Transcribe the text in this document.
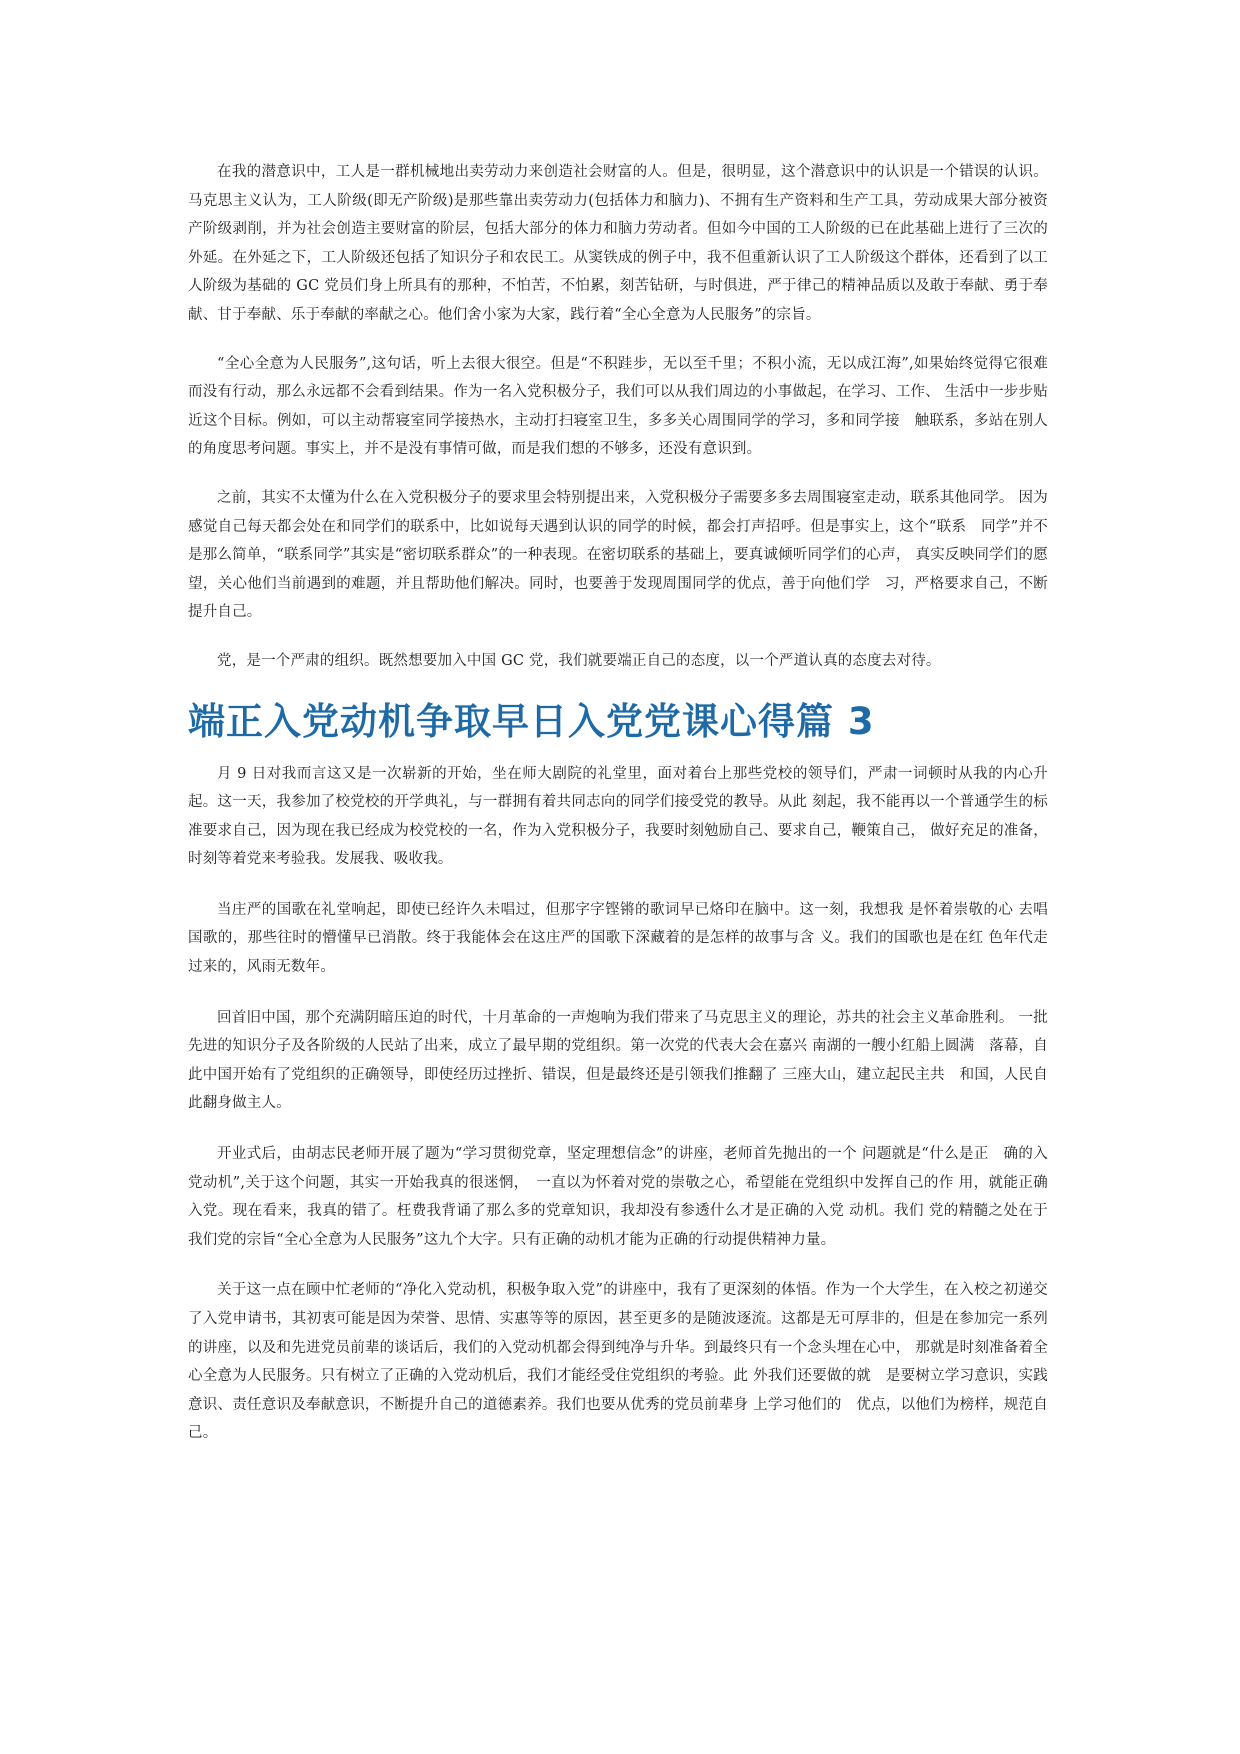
在我的潜意识中，工人是一群机械地出卖劳动力来创造社会财富的人。但是，很明显，这个潜意识中的认识是一个错误的认识。马克思主义认为，工人阶级(即无产阶级)是那些靠出卖劳动力(包括体力和脑力)、不拥有生产资料和生产工具，劳动成果大部分被资产阶级剥削，并为社会创造主要财富的阶层，包括大部分的体力和脑力劳动者。但如今中国的工人阶级的已在此基础上进行了三次的外延。在外延之下，工人阶级还包括了知识分子和农民工。从窦铁成的例子中，我不但重新认识了工人阶级这个群体，还看到了以工人阶级为基础的 GC 党员们身上所具有的那种，不怕苦，不怕累，刻苦钻研，与时俱进，严于律己的精神品质以及敢于奉献、勇于奉献、甘于奉献、乐于奉献的率献之心。他们舍小家为大家，践行着“全心全意为人民服务”的宗旨。

“全心全意为人民服务”,这句话，听上去很大很空。但是“不积跬步，无以至千里；不积小流，无以成江海”,如果始终觉得它很难而没有行动，那么永远都不会看到结果。作为一名入党积极分子，我们可以从我们周边的小事做起，在学习、工作、 生活中一步步贴近这个目标。例如，可以主动帮寝室同学接热水，主动打扫寝室卫生，多多关心周围同学的学习，多和同学接　触联系，多站在别人的角度思考问题。事实上，并不是没有事情可做，而是我们想的不够多，还没有意识到。

之前，其实不太懂为什么在入党积极分子的要求里会特别提出来，入党积极分子需要多多去周围寝室走动，联系其他同学。 因为感觉自己每天都会处在和同学们的联系中，比如说每天遇到认识的同学的时候，都会打声招呼。但是事实上，这个“联系　同学”并不是那么简单，“联系同学”其实是“密切联系群众”的一种表现。在密切联系的基础上，要真诚倾听同学们的心声， 真实反映同学们的愿望，关心他们当前遇到的难题，并且帮助他们解决。同时，也要善于发现周围同学的优点，善于向他们学　习，严格要求自己，不断提升自己。

党，是一个严肃的组织。既然想要加入中国 GC 党，我们就要端正自己的态度，以一个严道认真的态度去对待。

端正入党动机争取早日入党党课心得篇 3

月 9 日对我而言这又是一次崭新的开始，坐在师大剧院的礼堂里，面对着台上那些党校的领导们，严肃一词顿时从我的内心升起。这一天，我参加了校党校的开学典礼，与一群拥有着共同志向的同学们接受党的教导。从此 刻起，我不能再以一个普通学生的标准要求自己，因为现在我已经成为校党校的一名，作为入党积极分子，我要时刻勉励自己、要求自己，鞭策自己， 做好充足的准备，时刻等着党来考验我。发展我、吸收我。

当庄严的国歌在礼堂响起，即使已经许久未唱过，但那字字铿锵的歌词早已烙印在脑中。这一刻，我想我 是怀着崇敬的心 去唱国歌的，那些往时的懵懂早已消散。终于我能体会在这庄严的国歌下深藏着的是怎样的故事与含 义。我们的国歌也是在红 色年代走过来的，风雨无数年。

回首旧中国，那个充满阴暗压迫的时代，十月革命的一声炮响为我们带来了马克思主义的理论，苏共的社会主义革命胜利。 一批先进的知识分子及各阶级的人民站了出来，成立了最早期的党组织。第一次党的代表大会在嘉兴 南湖的一艘小红船上圆满　落幕，自此中国开始有了党组织的正确领导，即使经历过挫折、错误，但是最终还是引领我们推翻了 三座大山，建立起民主共　和国，人民自此翻身做主人。

开业式后，由胡志民老师开展了题为“学习贯彻党章，坚定理想信念”的讲座，老师首先抛出的一个 问题就是“什么是正　确的入党动机”,关于这个问题，其实一开始我真的很迷惘，　一直以为怀着对党的崇敬之心，希望能在党组织中发挥自己的作 用，就能正确入党。现在看来，我真的错了。枉费我背诵了那么多的党章知识，我却没有参透什么才是正确的入党 动机。我们 党的精髓之处在于我们党的宗旨“全心全意为人民服务”这九个大字。只有正确的动机才能为正确的行动提供精神力量。

关于这一点在顾中忙老师的“净化入党动机，积极争取入党”的讲座中，我有了更深刻的体悟。作为一个大学生，在入校之初递交了入党申请书，其初衷可能是因为荣誉、思情、实惠等等的原因，甚至更多的是随波逐流。这都是无可厚非的，但是在参加完一系列的讲座，以及和先进党员前辈的谈话后，我们的入党动机都会得到纯净与升华。到最终只有一个念头埋在心中， 那就是时刻准备着全心全意为人民服务。只有树立了正确的入党动机后，我们才能经受住党组织的考验。此 外我们还要做的就　是要树立学习意识，实践意识、责任意识及奉献意识，不断提升自己的道德素养。我们也要从优秀的党员前辈身 上学习他们的　优点，以他们为榜样，规范自己。
